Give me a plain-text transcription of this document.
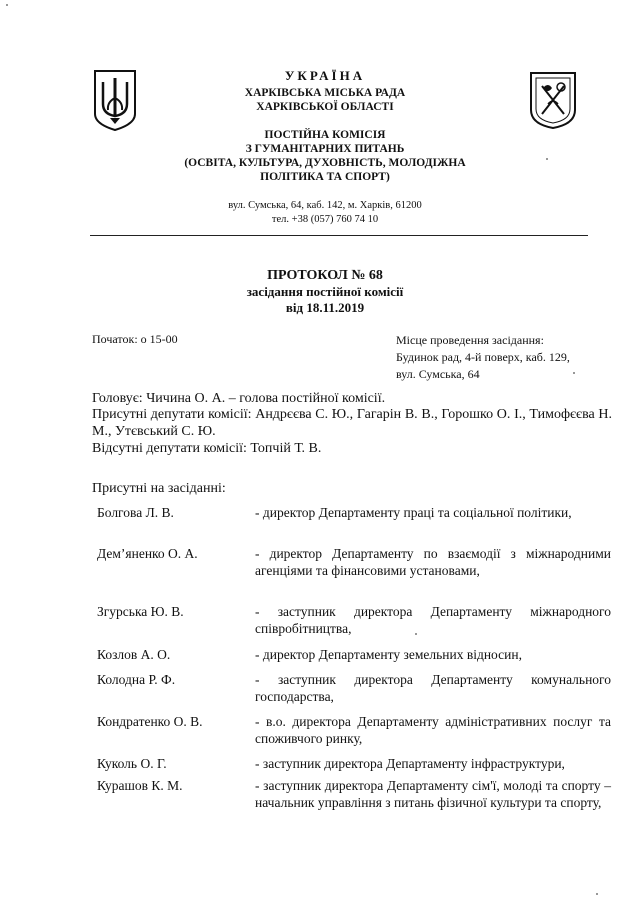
УКРАЇНА
ХАРКІВСЬКА МІСЬКА РАДА
ХАРКІВСЬКОЇ ОБЛАСТІ
ПОСТІЙНА КОМІСІЯ
З ГУМАНІТАРНИХ ПИТАНЬ
(ОСВІТА, КУЛЬТУРА, ДУХОВНІСТЬ, МОЛОДІЖНА
ПОЛІТИКА ТА СПОРТ)
вул. Сумська, 64, каб. 142, м. Харків, 61200
тел. +38 (057) 760 74 10
ПРОТОКОЛ № 68
засідання постійної комісії
від 18.11.2019
Початок: о 15-00	Місце проведення засідання:
Будинок рад, 4-й поверх, каб. 129,
вул. Сумська, 64
Головує: Чичина О. А. – голова постійної комісії.
Присутні депутати комісії: Андрєєва С. Ю., Гагарін В. В., Горошко О. І., Тимофєєва Н. М., Утєвський С. Ю.
Відсутні депутати комісії: Топчій Т. В.
Присутні на засіданні:
Болгова Л. В.	- директор Департаменту праці та соціальної політики,
Дем’яненко О. А.	- директор Департаменту по взаємодії з міжнародними агенціями та фінансовими установами,
Згурська Ю. В.	- заступник директора Департаменту міжнародного співробітництва,
Козлов А. О.	- директор Департаменту земельних відносин,
Колодна Р. Ф.	- заступник директора Департаменту комунального господарства,
Кондратенко О. В.	- в.о. директора Департаменту адміністративних послуг та споживчого ринку,
Куколь О. Г.	- заступник директора Департаменту інфраструктури,
Курашов К. М.	- заступник директора Департаменту сім'ї, молоді та спорту – начальник управління з питань фізичної культури та спорту,
